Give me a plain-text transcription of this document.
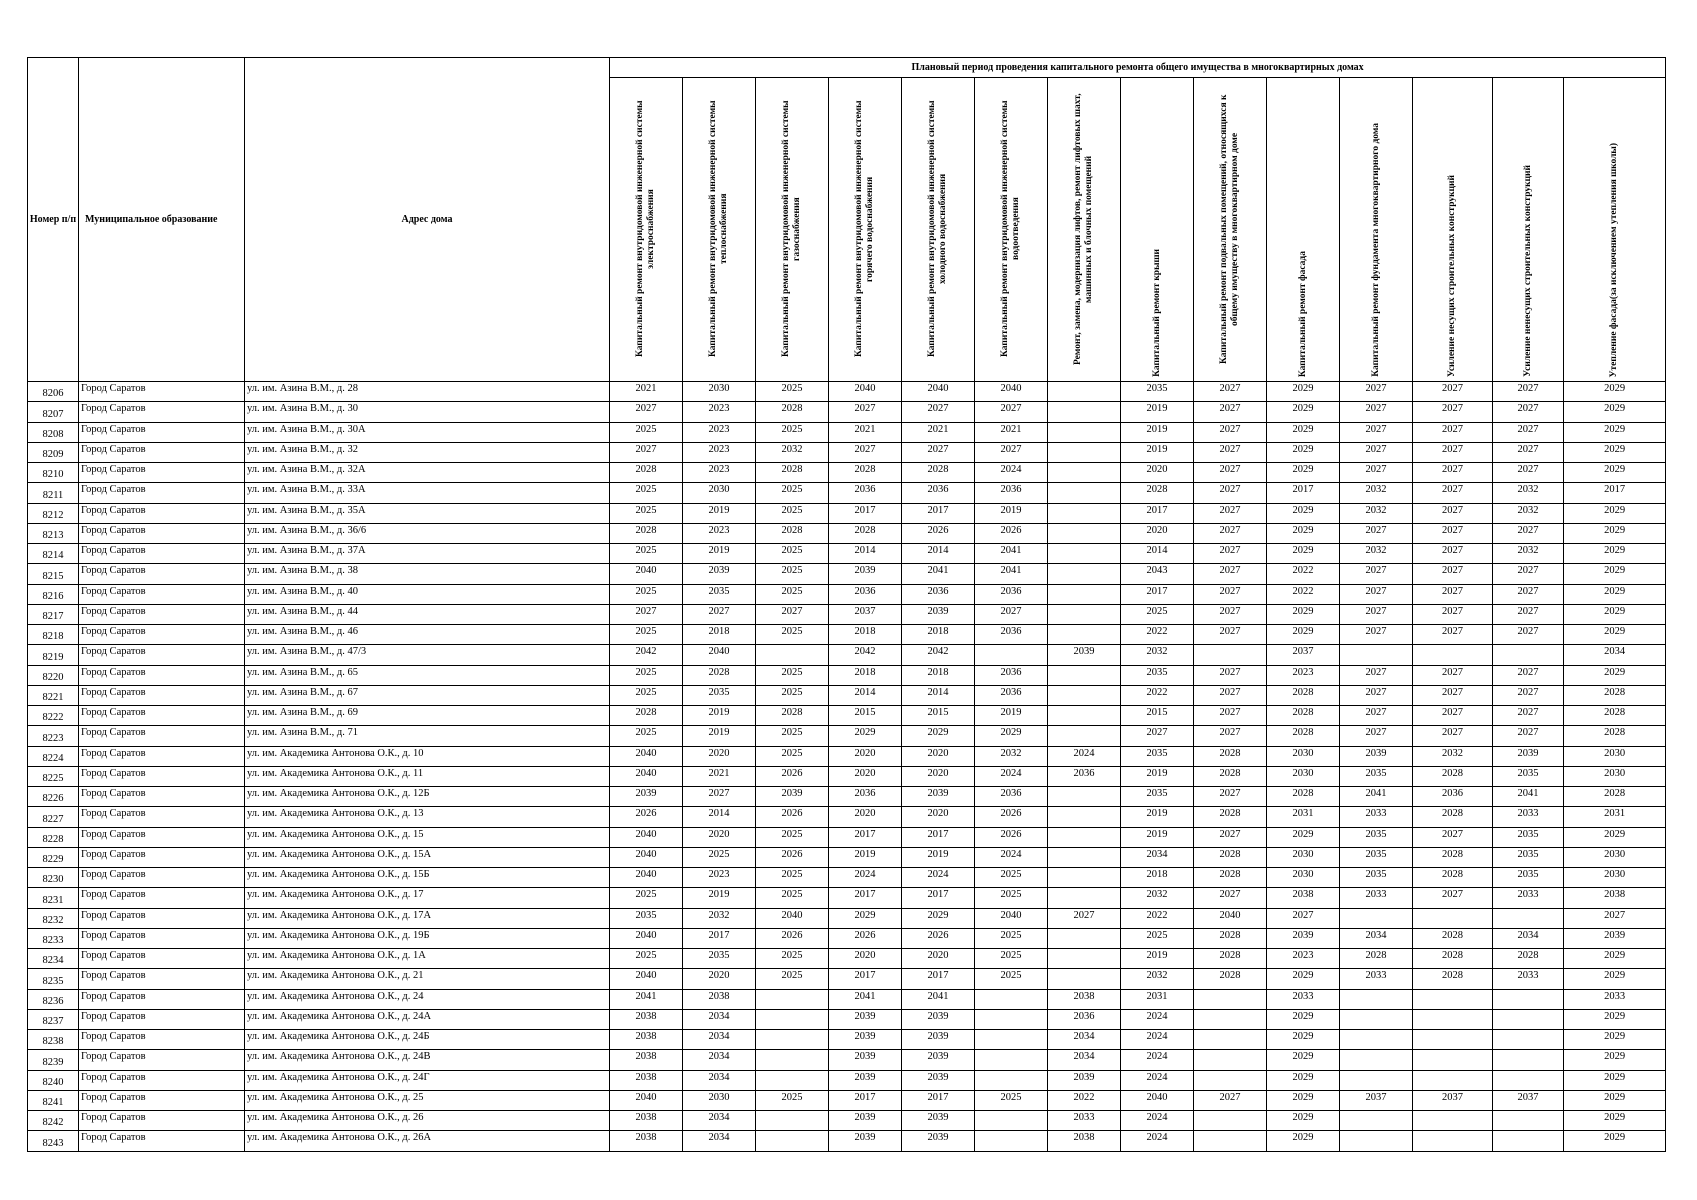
Номер п/п	Муниципальное образование	Адрес дома	Плановый период проведения капитального ремонта общего имущества в многоквартирных домах													

			Капитальный ремонт внутридомовой инженерной системы электроснабжения	Капитальный ремонт внутридомовой инженерной системы теплоснабжения	Капитальный ремонт внутридомовой инженерной системы газоснабжения	Капитальный ремонт внутридомовой инженерной системы горячего водоснабжения	Капитальный ремонт внутридомовой инженерной системы холодного водоснабжения	Капитальный ремонт внутридомовой инженерной системы водоотведения	Ремонт, замена, модернизация лифтов, ремонт лифтовых шахт, машинных и блочных помещений	Капитальный ремонт крыши	Капитальный ремонт подвальных помещений, относящихся к общему имуществу в многоквартирном доме	Капитальный ремонт фасада	Капитальный ремонт фундамента многоквартирного дома	Усиление несущих строительных конструкций	Усиление ненесущих строительных конструкций	Утепление фасада(за исключением утепления школы)

8206	Город Саратов	ул. им. Азина В.М., д. 28	2021	2030	2025	2040	2040	2040		2035	2027	2029	2027	2027	2027	2029
8207	Город Саратов	ул. им. Азина В.М., д. 30	2027	2023	2028	2027	2027	2027		2019	2027	2029	2027	2027	2027	2029
8208	Город Саратов	ул. им. Азина В.М., д. 30А	2025	2023	2025	2021	2021	2021		2019	2027	2029	2027	2027	2027	2029
8209	Город Саратов	ул. им. Азина В.М., д. 32	2027	2023	2032	2027	2027	2027		2019	2027	2029	2027	2027	2027	2029
8210	Город Саратов	ул. им. Азина В.М., д. 32А	2028	2023	2028	2028	2028	2024		2020	2027	2029	2027	2027	2027	2029
8211	Город Саратов	ул. им. Азина В.М., д. 33А	2025	2030	2025	2036	2036	2036		2028	2027	2017	2032	2027	2032	2017
8212	Город Саратов	ул. им. Азина В.М., д. 35А	2025	2019	2025	2017	2017	2019		2017	2027	2029	2032	2027	2032	2029
8213	Город Саратов	ул. им. Азина В.М., д. 36/6	2028	2023	2028	2028	2026	2026		2020	2027	2029	2027	2027	2027	2029
8214	Город Саратов	ул. им. Азина В.М., д. 37А	2025	2019	2025	2014	2014	2041		2014	2027	2029	2032	2027	2032	2029
8215	Город Саратов	ул. им. Азина В.М., д. 38	2040	2039	2025	2039	2041	2041		2043	2027	2022	2027	2027	2027	2029
8216	Город Саратов	ул. им. Азина В.М., д. 40	2025	2035	2025	2036	2036	2036		2017	2027	2022	2027	2027	2027	2029
8217	Город Саратов	ул. им. Азина В.М., д. 44	2027	2027	2027	2037	2039	2027		2025	2027	2029	2027	2027	2027	2029
8218	Город Саратов	ул. им. Азина В.М., д. 46	2025	2018	2025	2018	2018	2036		2022	2027	2029	2027	2027	2027	2029
8219	Город Саратов	ул. им. Азина В.М., д. 47/3	2042	2040		2042	2042		2039	2032		2037				2034
8220	Город Саратов	ул. им. Азина В.М., д. 65	2025	2028	2025	2018	2018	2036		2035	2027	2023	2027	2027	2027	2029
8221	Город Саратов	ул. им. Азина В.М., д. 67	2025	2035	2025	2014	2014	2036		2022	2027	2028	2027	2027	2027	2028
8222	Город Саратов	ул. им. Азина В.М., д. 69	2028	2019	2028	2015	2015	2019		2015	2027	2028	2027	2027	2027	2028
8223	Город Саратов	ул. им. Азина В.М., д. 71	2025	2019	2025	2029	2029	2029		2027	2027	2028	2027	2027	2027	2028
8224	Город Саратов	ул. им. Академика Антонова О.К., д. 10	2040	2020	2025	2020	2020	2032	2024	2035	2028	2030	2039	2032	2039	2030
8225	Город Саратов	ул. им. Академика Антонова О.К., д. 11	2040	2021	2026	2020	2020	2024	2036	2019	2028	2030	2035	2028	2035	2030
8226	Город Саратов	ул. им. Академика Антонова О.К., д. 12Б	2039	2027	2039	2036	2039	2036		2035	2027	2028	2041	2036	2041	2028
8227	Город Саратов	ул. им. Академика Антонова О.К., д. 13	2026	2014	2026	2020	2020	2026		2019	2028	2031	2033	2028	2033	2031
8228	Город Саратов	ул. им. Академика Антонова О.К., д. 15	2040	2020	2025	2017	2017	2026		2019	2027	2029	2035	2027	2035	2029
8229	Город Саратов	ул. им. Академика Антонова О.К., д. 15А	2040	2025	2026	2019	2019	2024		2034	2028	2030	2035	2028	2035	2030
8230	Город Саратов	ул. им. Академика Антонова О.К., д. 15Б	2040	2023	2025	2024	2024	2025		2018	2028	2030	2035	2028	2035	2030
8231	Город Саратов	ул. им. Академика Антонова О.К., д. 17	2025	2019	2025	2017	2017	2025		2032	2027	2038	2033	2027	2033	2038
8232	Город Саратов	ул. им. Академика Антонова О.К., д. 17А	2035	2032	2040	2029	2029	2040	2027	2022	2040	2027				2027
8233	Город Саратов	ул. им. Академика Антонова О.К., д. 19Б	2040	2017	2026	2026	2026	2025		2025	2028	2039	2034	2028	2034	2039
8234	Город Саратов	ул. им. Академика Антонова О.К., д. 1А	2025	2035	2025	2020	2020	2025		2019	2028	2023	2028	2028	2028	2029
8235	Город Саратов	ул. им. Академика Антонова О.К., д. 21	2040	2020	2025	2017	2017	2025		2032	2028	2029	2033	2028	2033	2029
8236	Город Саратов	ул. им. Академика Антонова О.К., д. 24	2041	2038		2041	2041		2038	2031		2033				2033
8237	Город Саратов	ул. им. Академика Антонова О.К., д. 24А	2038	2034		2039	2039		2036	2024		2029				2029
8238	Город Саратов	ул. им. Академика Антонова О.К., д. 24Б	2038	2034		2039	2039		2034	2024		2029				2029
8239	Город Саратов	ул. им. Академика Антонова О.К., д. 24В	2038	2034		2039	2039		2034	2024		2029				2029
8240	Город Саратов	ул. им. Академика Антонова О.К., д. 24Г	2038	2034		2039	2039		2039	2024		2029				2029
8241	Город Саратов	ул. им. Академика Антонова О.К., д. 25	2040	2030	2025	2017	2017	2025	2022	2040	2027	2029	2037	2037	2037	2029
8242	Город Саратов	ул. им. Академика Антонова О.К., д. 26	2038	2034		2039	2039		2033	2024		2029				2029
8243	Город Саратов	ул. им. Академика Антонова О.К., д. 26А	2038	2034		2039	2039		2038	2024		2029				2029
